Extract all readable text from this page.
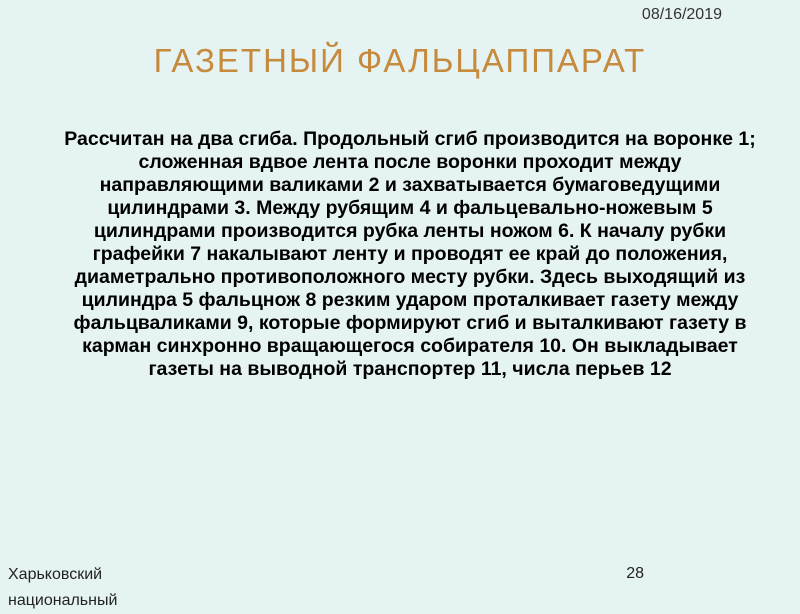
08/16/2019
ГАЗЕТНЫЙ ФАЛЬЦАППАРАТ
Рассчитан на два сгиба. Продольный сгиб производится на воронке 1; сложенная вдвое лента после воронки проходит между направляющими валиками 2 и захватывается бумаговедущими цилиндрами 3. Между рубящим 4 и фальцевально-ножевым 5 цилиндрами производится рубка ленты ножом 6. К началу рубки графейки 7 накалывают ленту и проводят ее край до положения, диаметрально противоположного месту рубки. Здесь выходящий из цилиндра 5 фальцнож 8 резким ударом проталкивает газету между фальцваликами 9, которые формируют сгиб и выталкивают газету в карман синхронно вращающегося собирателя 10. Он выкладывает газеты на выводной транспортер 11, числа перьев 12
Харьковский национальный
28
